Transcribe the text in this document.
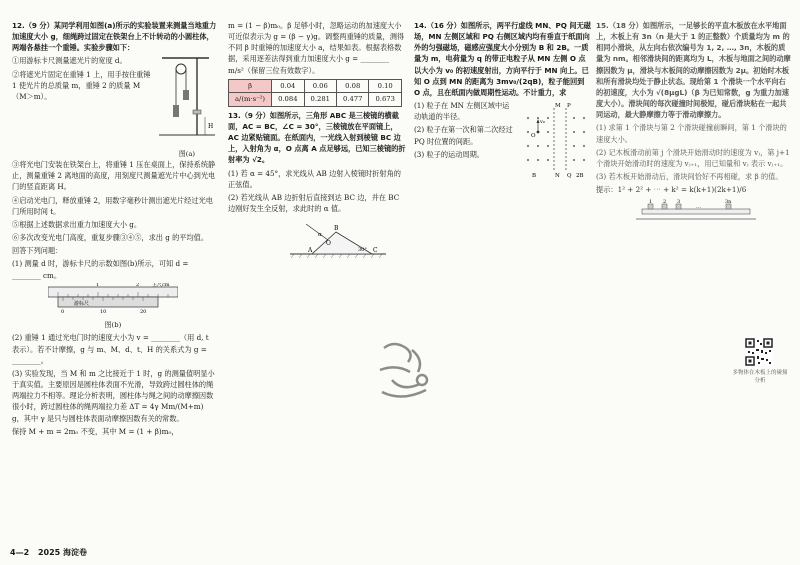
12.（9 分）某同学利用如图(a)所示的实验装置来测量当地重力加速度大小 g，细绳跨过固定在铁架台上不计转动的小圆柱体，两端各悬挂一个重锤。实验步骤如下：

①用游标卡尺测量遮光片的宽度 d。

②将遮光片固定在重锤 1 上，用手按住重锤 1 使光片的总质量 m，重锤 2 的质量 M（M＞m）。

H
图(a)

③将光电门安装在铁架台上，将重锤 1 压在桌面上，保持系统静止，测量重锤 2 离地面的高度，用刻度尺测量遮光片中心到光电门的竖直距离 H。

④启动光电门，释放重锤 2，用数字毫秒计测出遮光片经过光电门所用时间 t。

⑤根据上述数据求出重力加速度大小 g。

⑥多次改变光电门高度，重复步骤③④⑤，求出 g 的平均值。

回答下列问题：

(1) 测量 d 时，游标卡尺的示数如图(b)所示，可知 d = ________ cm。

1	2	主尺cm
0
游标尺
10	20
图(b)

(2) 重锤 1 通过光电门时的速度大小为 v = ________（用 d, t 表示）。若不计摩擦，g 与 m、M、d、t、H 的关系式为 g = ________。

(3) 实验发现，当 M 和 m 之比接近于 1 时，g 的测量值明显小于真实值。主要原因是圆柱体表面不光滑，导致跨过圆柱体的绳两端拉力不相等。理论分析表明，圆柱体与绳之间的动摩擦因数很小时，跨过圆柱体的绳两端拉力差 ΔT = 4γ Mm/(M+m) g，其中 γ 是只与圆柱体表面动摩擦因数有关的常数。

保持 M + m = 2m₀ 不变，其中 M = (1 + β)m₀，

m = (1 − β)m₀。β 足够小时，忽略运动的加速度大小可近似表示为 g = (β − γ)g。调整两重锤的质量，测得不同 β 时重锤的加速度大小 a，结果如表。根据表格数据，采用逐差法得到重力加速度大小 g = ________ m/s²（保留三位有效数字）。

β	0.04	0.06	0.08	0.10
a/(m·s⁻²)	0.084	0.281	0.477	0.673

13.（9 分）如图所示，三角形 ABC 是三棱镜的横截面，AC = BC，∠C = 30°，三棱镜放在平面镜上，AC 边紧贴镜面。在纸面内，一光线入射到棱镜 BC 边上，入射角为 α，O 点离 A 点足够远，已知三棱镜的折射率为 √2。

(1) 若 α = 45°，求光线从 AB 边射入棱镜时折射角的正弦值。

(2) 若光线从 AB 边折射后直接到达 BC 边，并在 BC 边刚好发生全反射，求此时的 α 值。

A
B
C
O
α
30°

14.（16 分）如图所示，两平行虚线 MN、PQ 间无磁场，MN 左侧区域和 PQ 右侧区域内均有垂直于纸面向外的匀强磁场，磁感应强度大小分别为 B 和 2B。一质量为 m，电荷量为 q 的带正电粒子从 MN 左侧 O 点以大小为 v₀ 的初速度射出，方向平行于 MN 向上。已知 O 点到 MN 的距离为 3mv₀/(2qB)，粒子能回到 O 点，且在纸面内做周期性运动。不计重力，求

(1) 粒子在 MN 左侧区域中运动轨道的半径。

(2) 粒子在第一次和第二次经过 PQ 时位置的间距。

(3) 粒子的运动周期。

M P
N Q
O
v₀
B	2B

15.（18 分）如图所示，一足够长的平直木板放在水平地面上，木板上有 3n（n 是大于 1 的正整数）个质量均为 m 的相同小滑块，从左向右依次编号为 1, 2, …, 3n，木板的质量为 nm。相邻滑块间的距离均为 L，木板与地面之间的动摩擦因数为 μ，滑块与木板间的动摩擦因数为 2μ。初始时木板和所有滑块均处于静止状态。现给第 1 个滑块一个水平向右的初速度，大小为 √(8μgL)（β 为已知常数，g 为重力加速度大小）。滑块间的每次碰撞时间极短，碰后滑块粘在一起共同运动，最大静摩擦力等于滑动摩擦力。

(1) 求第 1 个滑块与第 2 个滑块碰撞前瞬间，第 1 个滑块的速度大小。

(2) 记木板滑动前第 j 个滑块开始滑动时的速度为 vⱼ，第 j+1 个滑块开始滑动时的速度为 vⱼ₊₁，用已知量和 vⱼ 表示 vⱼ₊₁。

(3) 若木板开始滑动后，滑块间恰好不再相碰，求 β 的值。

提示：1² + 2² + ⋯ + k² = k(k+1)(2k+1)/6

1 2 3
…
3n
多物体在木板上的碰撞分析
4—2 2025 海淀卷
